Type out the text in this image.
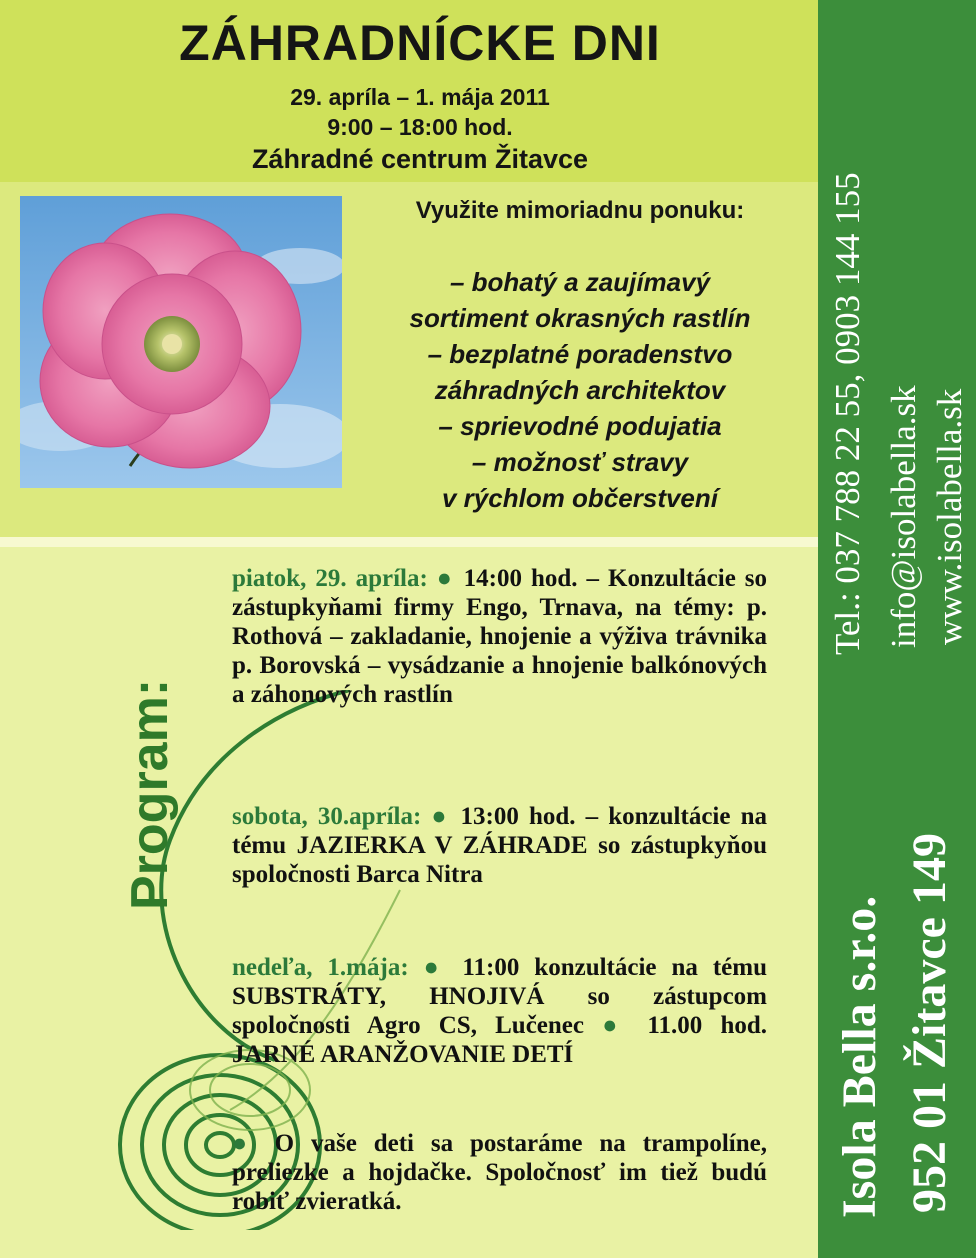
ZÁHRADNÍCKE DNI
29. apríla – 1. mája 2011
9:00 – 18:00 hod.
Záhradné centrum Žitavce
Využite mimoriadnu ponuku:
– bohatý a zaujímavý
sortiment okrasných rastlín
– bezplatné poradenstvo
záhradných architektov
– sprievodné podujatia
– možnosť stravy
v rýchlom občerstvení
Program:
piatok, 29. apríla: ● 14:00 hod. – Konzultácie so zástupkyňami firmy Engo, Trnava, na témy: p. Rothová – zakladanie, hnojenie a výživa trávnika p. Borovská – vysádzanie a hnojenie balkónových a záhonových rastlín
sobota, 30.apríla: ● 13:00 hod. – konzultácie na tému JAZIERKA V ZÁHRADE so zástupkyňou spoločnosti Barca Nitra
nedeľa, 1.mája: ● 11:00 konzultácie na tému SUBSTRÁTY, HNOJIVÁ so zástupcom spoločnosti Agro CS, Lučenec ● 11.00 hod. JARNÉ ARANŽOVANIE DETÍ
● O vaše deti sa postaráme na trampolíne, preliezke a hojdačke. Spoločnosť im tiež budú robiť zvieratká.
Tel.: 037 788 22 55, 0903 144 155 info@isolabella.sk www.isolabella.sk
Isola Bella s.r.o. 952 01 Žitavce 149
